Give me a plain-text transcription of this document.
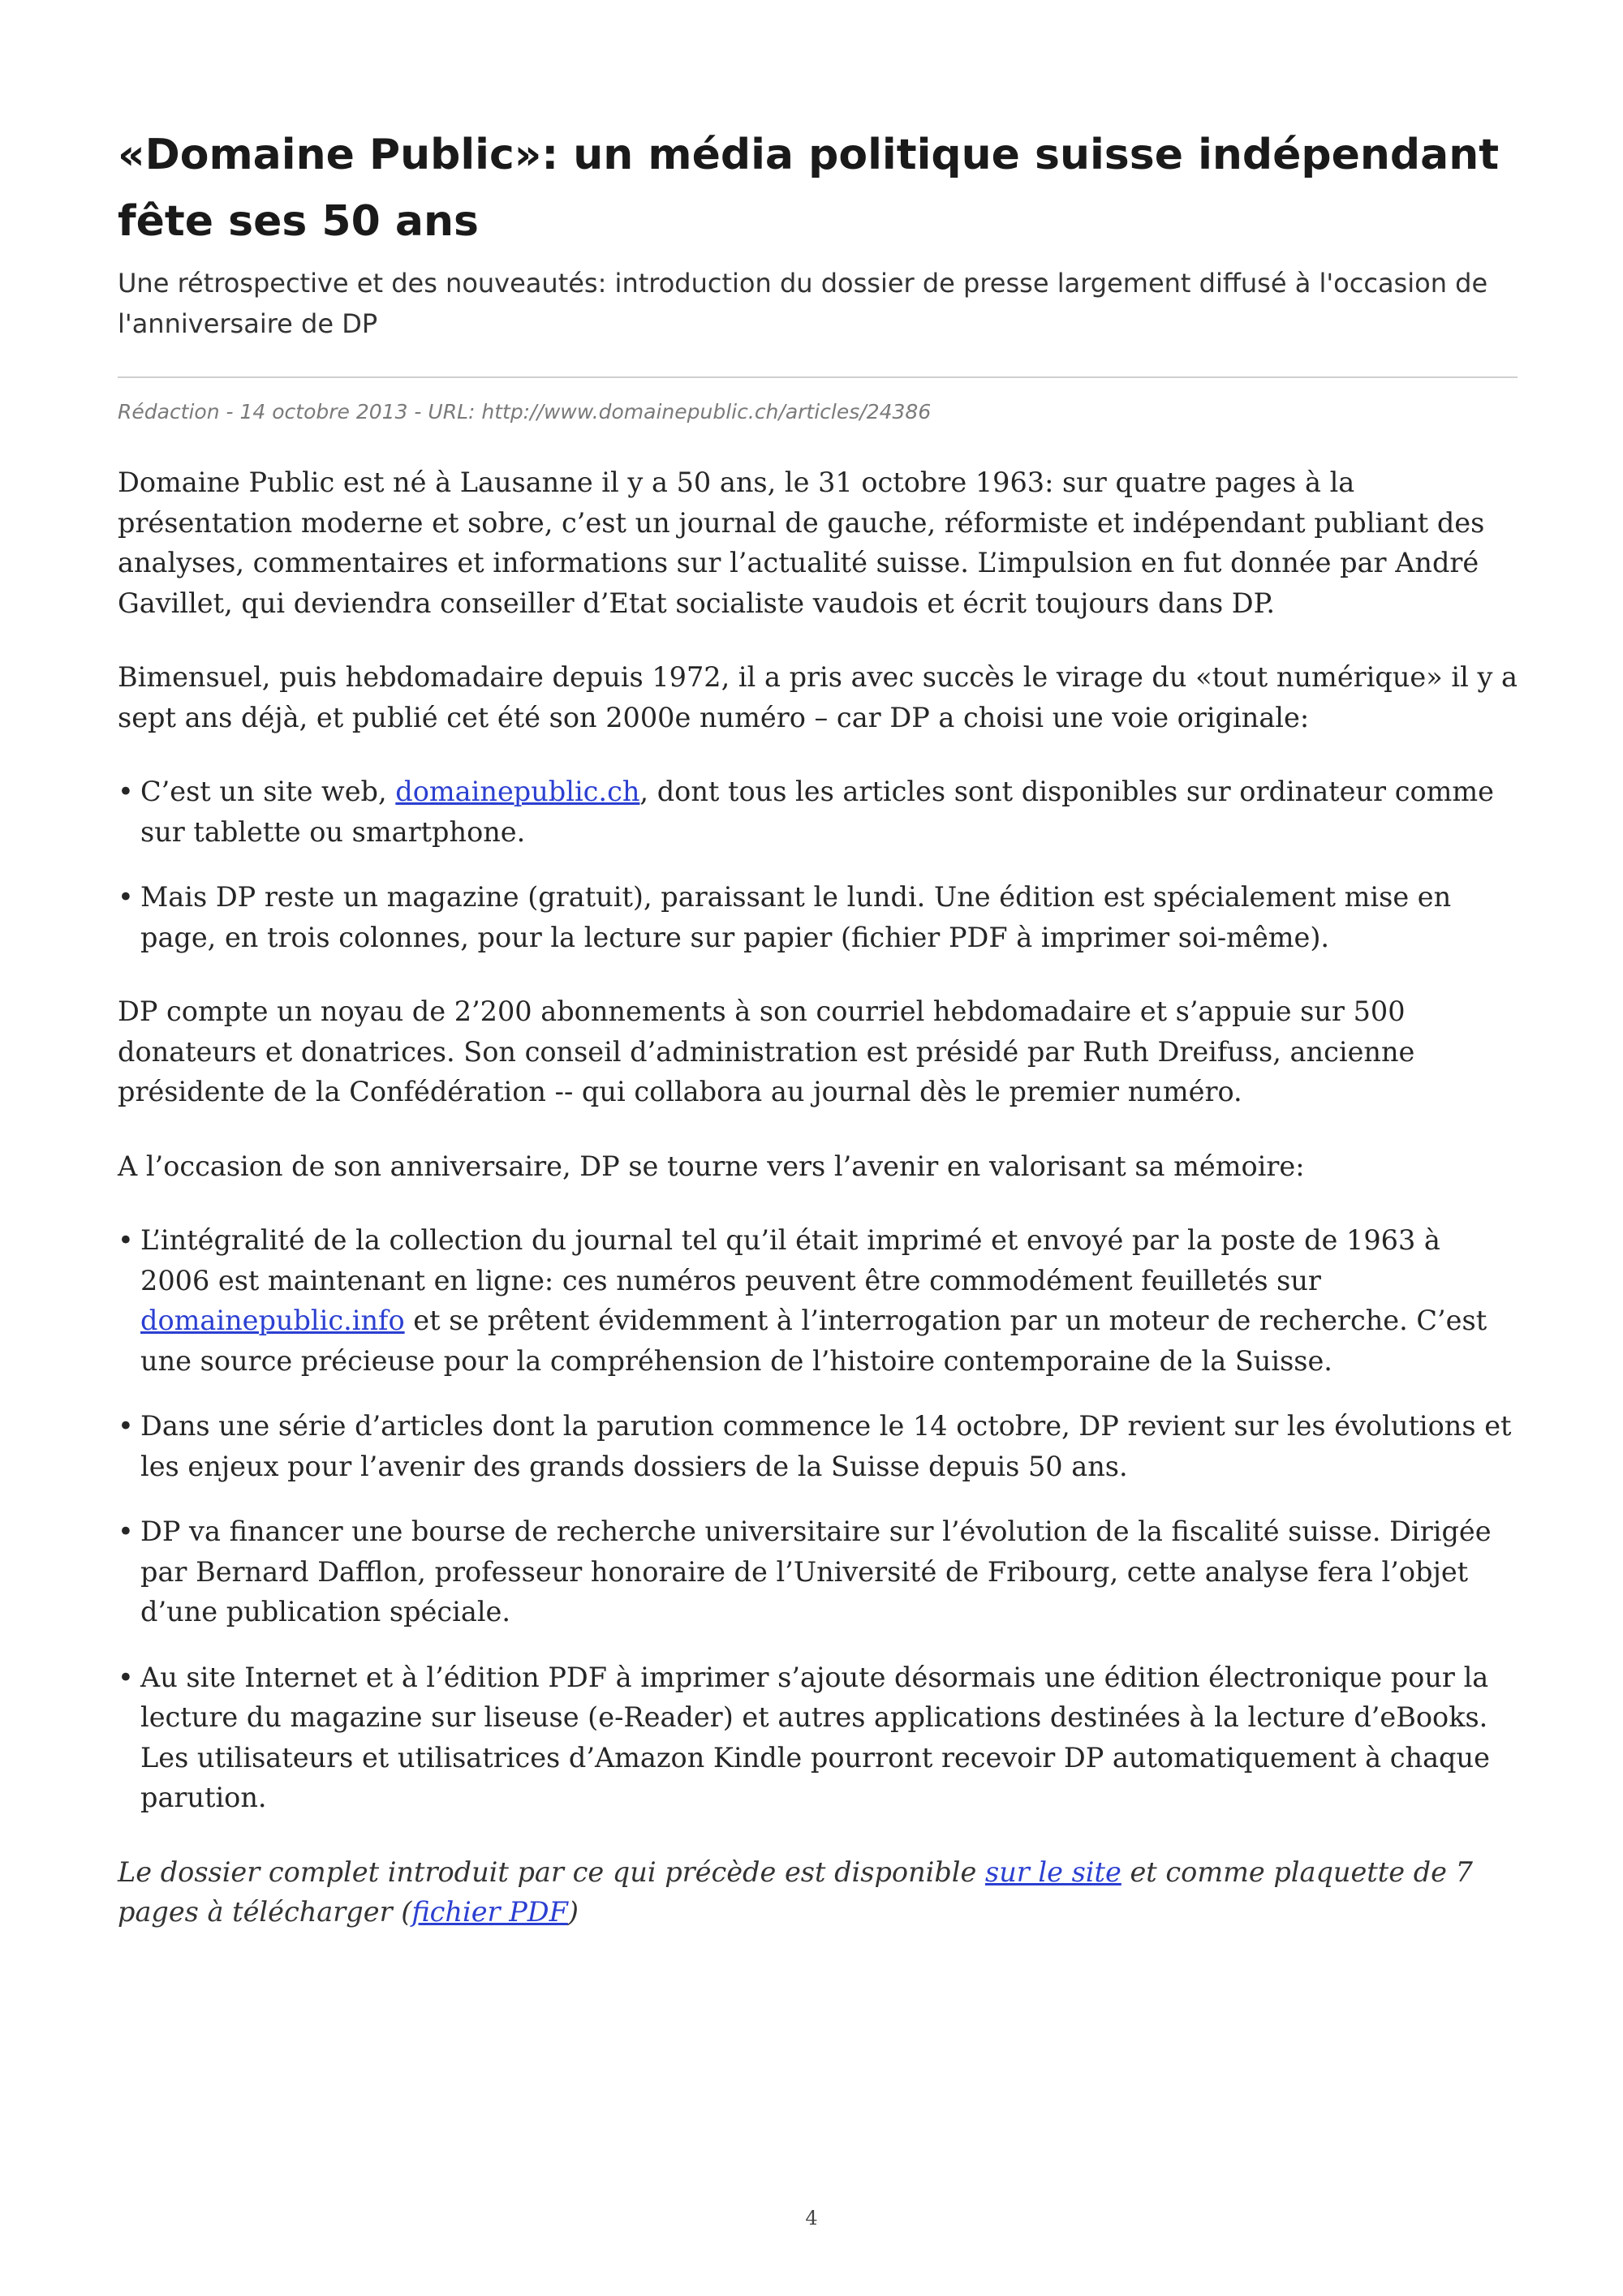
«Domaine Public»: un média politique suisse indépendant fête ses 50 ans

Une rétrospective et des nouveautés: introduction du dossier de presse largement diffusé à l'occasion de l'anniversaire de DP

Rédaction - 14 octobre 2013 - URL: http://www.domainepublic.ch/articles/24386

Domaine Public est né à Lausanne il y a 50 ans, le 31 octobre 1963: sur quatre pages à la présentation moderne et sobre, c’est un journal de gauche, réformiste et indépendant publiant des analyses, commentaires et informations sur l’actualité suisse. L’impulsion en fut donnée par André Gavillet, qui deviendra conseiller d’Etat socialiste vaudois et écrit toujours dans DP.

Bimensuel, puis hebdomadaire depuis 1972, il a pris avec succès le virage du «tout numérique» il y a sept ans déjà, et publié cet été son 2000e numéro – car DP a choisi une voie originale:

• C’est un site web, domainepublic.ch, dont tous les articles sont disponibles sur ordinateur comme sur tablette ou smartphone.
• Mais DP reste un magazine (gratuit), paraissant le lundi. Une édition est spécialement mise en page, en trois colonnes, pour la lecture sur papier (fichier PDF à imprimer soi-même).

DP compte un noyau de 2’200 abonnements à son courriel hebdomadaire et s’appuie sur 500 donateurs et donatrices. Son conseil d’administration est présidé par Ruth Dreifuss, ancienne présidente de la Confédération -- qui collabora au journal dès le premier numéro.

A l’occasion de son anniversaire, DP se tourne vers l’avenir en valorisant sa mémoire:

• L’intégralité de la collection du journal tel qu’il était imprimé et envoyé par la poste de 1963 à 2006 est maintenant en ligne: ces numéros peuvent être commodément feuilletés sur domainepublic.info et se prêtent évidemment à l’interrogation par un moteur de recherche. C’est une source précieuse pour la compréhension de l’histoire contemporaine de la Suisse.
• Dans une série d’articles dont la parution commence le 14 octobre, DP revient sur les évolutions et les enjeux pour l’avenir des grands dossiers de la Suisse depuis 50 ans.
• DP va financer une bourse de recherche universitaire sur l’évolution de la fiscalité suisse. Dirigée par Bernard Dafflon, professeur honoraire de l’Université de Fribourg, cette analyse fera l’objet d’une publication spéciale.
• Au site Internet et à l’édition PDF à imprimer s’ajoute désormais une édition électronique pour la lecture du magazine sur liseuse (e-Reader) et autres applications destinées à la lecture d’eBooks. Les utilisateurs et utilisatrices d’Amazon Kindle pourront recevoir DP automatiquement à chaque parution.

Le dossier complet introduit par ce qui précède est disponible sur le site et comme plaquette de 7 pages à télécharger (fichier PDF)

4
